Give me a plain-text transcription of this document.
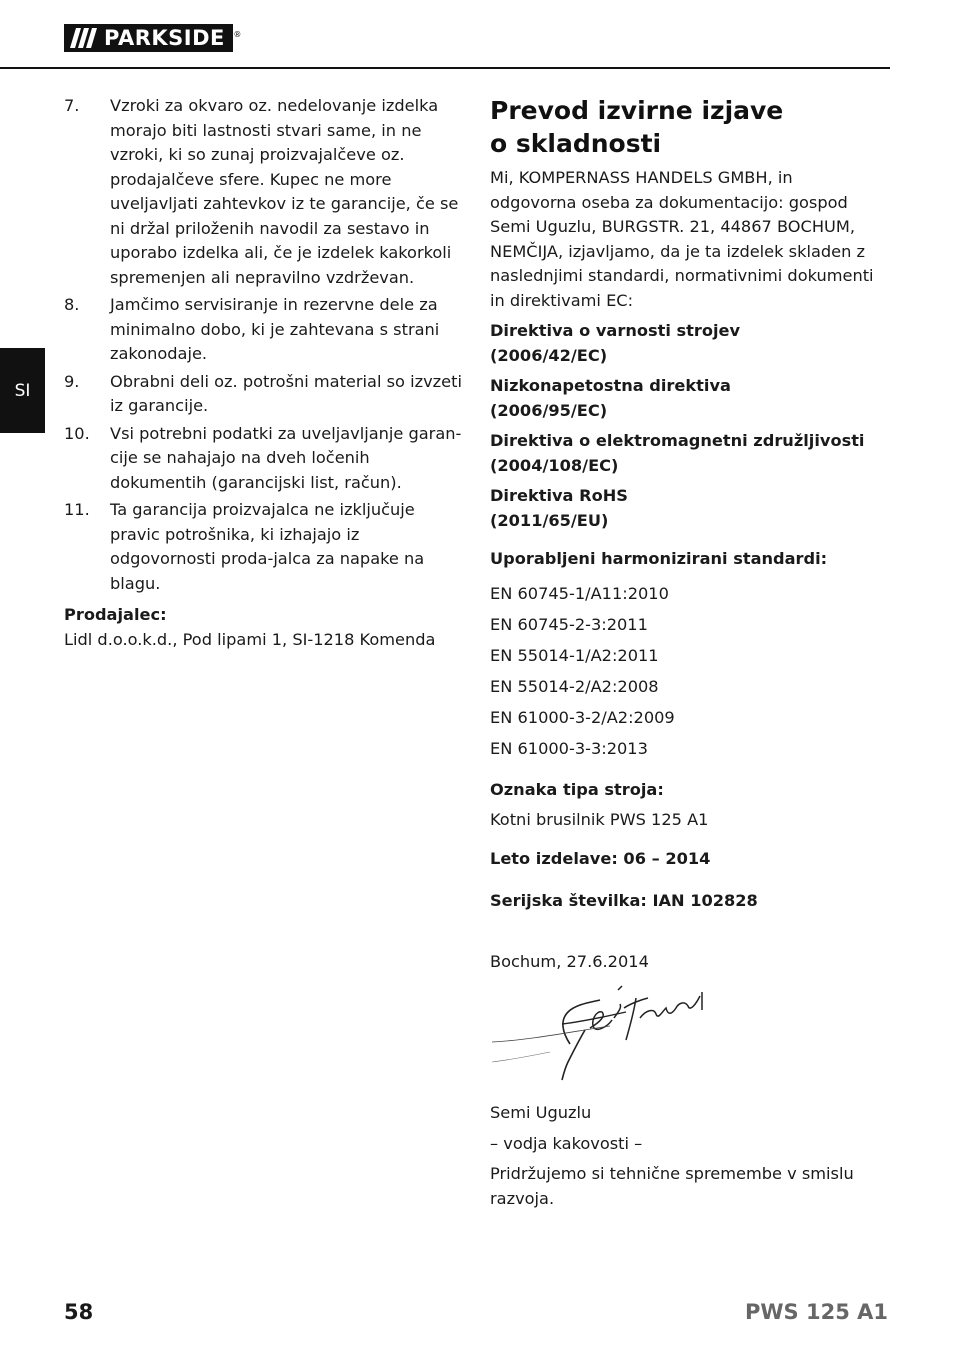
PARKSIDE ®
SI
7.	Vzroki za okvaro oz. nedelovanje izdelka morajo biti lastnosti stvari same, in ne vzroki, ki so zunaj proizvajalčeve oz. prodajalčeve sfere. Kupec ne more uveljavljati zahtevkov iz te garancije, če se ni držal priloženih navodil za sestavo in uporabo izdelka ali, če je izdelek kakorkoli spremenjen ali nepravilno vzdrževan.
8.	Jamčimo servisiranje in rezervne dele za minimalno dobo, ki je zahtevana s strani zakonodaje.
9.	Obrabni deli oz. potrošni material so izvzeti iz garancije.
10.	Vsi potrebni podatki za uveljavljanje garan-cije se nahajajo na dveh ločenih dokumentih (garancijski list, račun).
11.	Ta garancija proizvajalca ne izključuje pravic potrošnika, ki izhajajo iz odgovornosti proda-jalca za napake na blagu.
Prodajalec:
Lidl d.o.o.k.d., Pod lipami 1, SI-1218 Komenda
Prevod izvirne izjave
o skladnosti
Mi, KOMPERNASS HANDELS GMBH, in odgovorna oseba za dokumentacijo: gospod Semi Uguzlu, BURGSTR. 21, 44867 BOCHUM, NEMČIJA, izjavljamo, da je ta izdelek skladen z naslednjimi standardi, normativnimi dokumenti in direktivami EC:
Direktiva o varnosti strojev
(2006/42/EC)
Nizkonapetostna direktiva
(2006/95/EC)
Direktiva o elektromagnetni združljivosti
(2004/108/EC)
Direktiva RoHS
(2011/65/EU)
Uporabljeni harmonizirani standardi:
EN 60745-1/A11:2010
EN 60745-2-3:2011
EN 55014-1/A2:2011
EN 55014-2/A2:2008
EN 61000-3-2/A2:2009
EN 61000-3-3:2013
Oznaka tipa stroja:
Kotni brusilnik PWS 125 A1
Leto izdelave: 06 – 2014
Serijska številka: IAN 102828
Bochum, 27.6.2014
Semi Uguzlu
– vodja kakovosti –
Pridržujemo si tehnične spremembe v smislu razvoja.
58	PWS 125 A1
